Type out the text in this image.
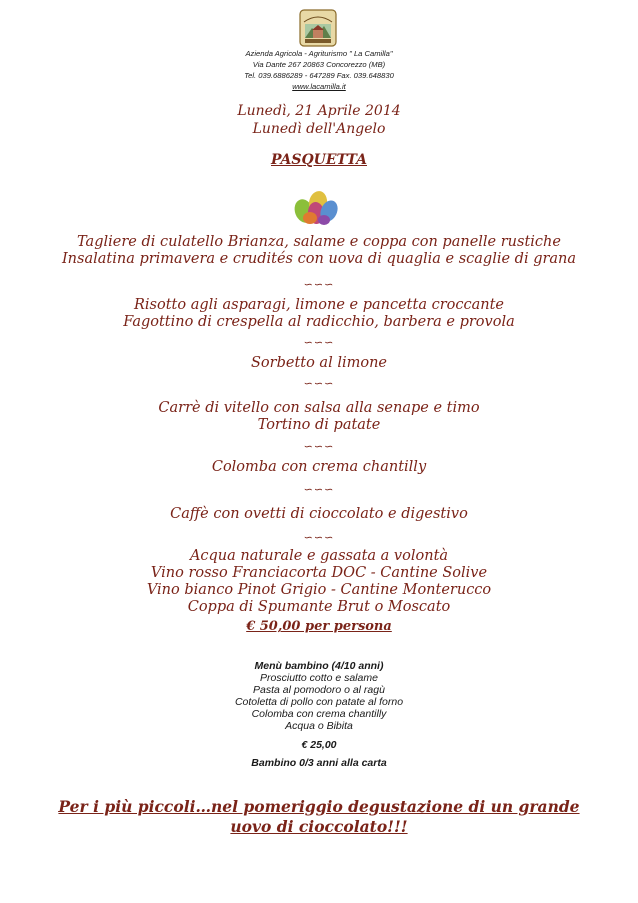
Azienda Agricola - Agriturismo " La Camilla"
Via Dante 267 20863 Concorezzo (MB)
Tel. 039.6886289 - 647289 Fax. 039.648830
www.lacamilla.it
Lunedì, 21 Aprile 2014
Lunedì dell'Angelo
PASQUETTA
Tagliere di culatello Brianza, salame e coppa con panelle rustiche
Insalatina primavera e crudités con uova di quaglia e scaglie di grana
∽∽∽
Risotto agli asparagi, limone e pancetta croccante
Fagottino di crespella al radicchio, barbera e provola
∽∽∽
Sorbetto al limone
∽∽∽
Carrè di vitello con salsa alla senape e timo
Tortino di patate
∽∽∽
Colomba con crema chantilly
∽∽∽
Caffè con ovetti di cioccolato e digestivo
∽∽∽
Acqua naturale e gassata a volontà
Vino rosso Franciacorta DOC - Cantine Solive
Vino bianco Pinot Grigio - Cantine Monterucco
Coppa di Spumante Brut o Moscato
€ 50,00 per persona
Menù bambino (4/10 anni)
Prosciutto cotto e salame
Pasta al pomodoro o al ragù
Cotoletta di pollo con patate al forno
Colomba con crema chantilly
Acqua o Bibita
€ 25,00
Bambino 0/3 anni alla carta
Per i più piccoli…nel pomeriggio degustazione di un grande
uovo di cioccolato!!!
